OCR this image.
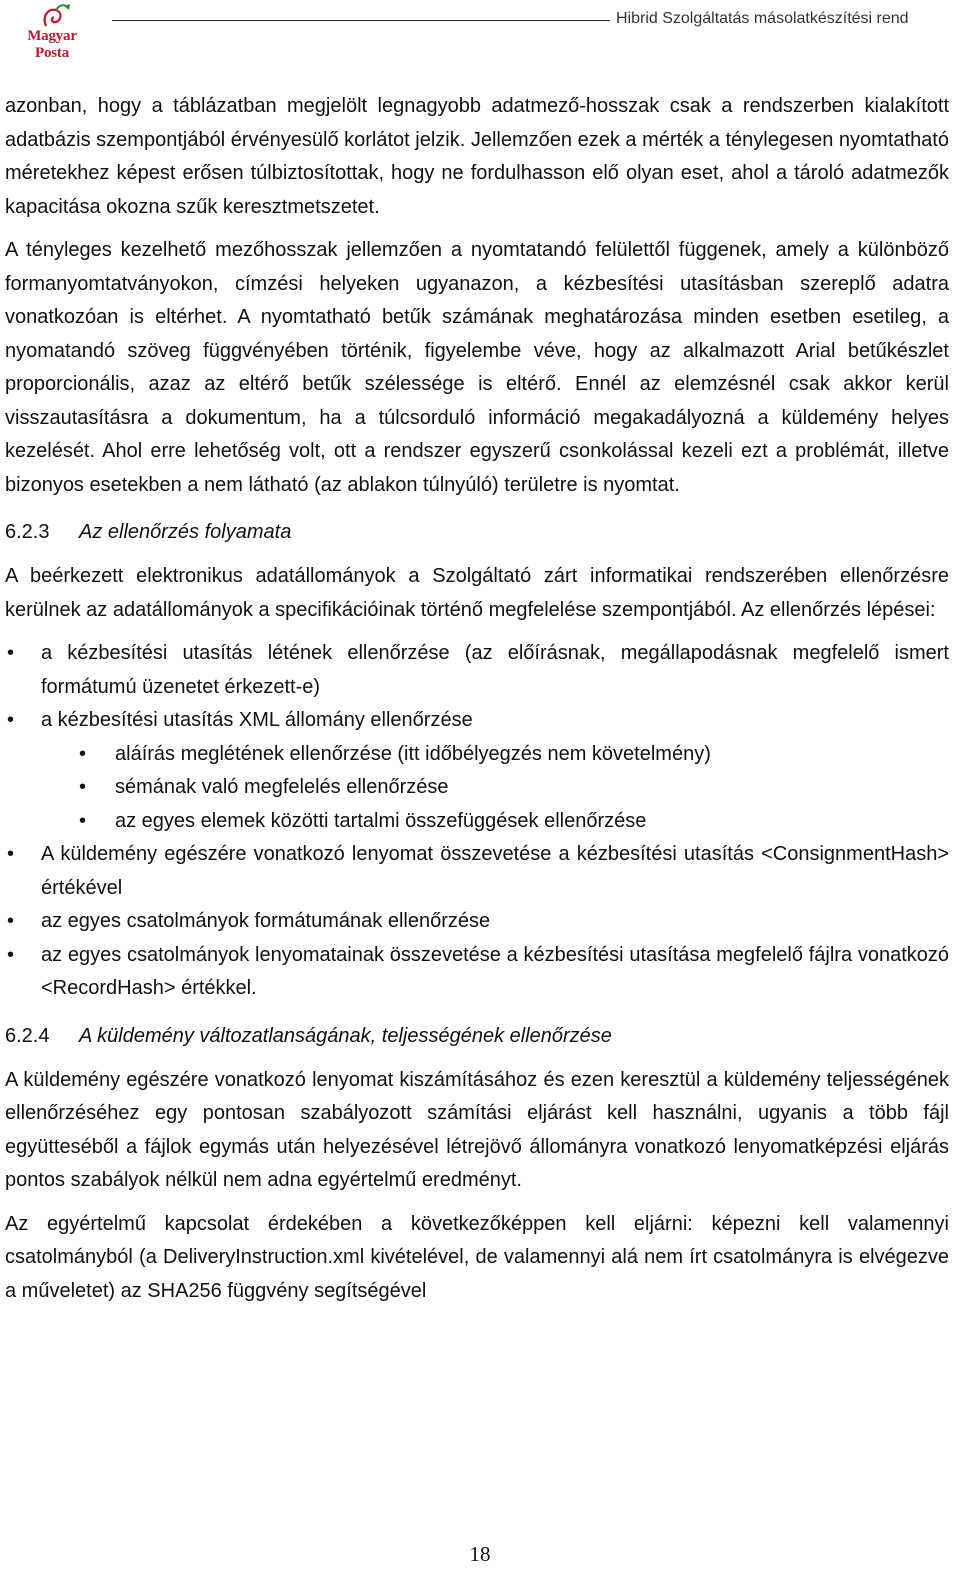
Magyar Posta
Hibrid Szolgáltatás másolatkészítési rend

azonban, hogy a táblázatban megjelölt legnagyobb adatmező-hosszak csak a rendszerben kialakított adatbázis szempontjából érvényesülő korlátot jelzik. Jellemzően ezek a mérték a ténylegesen nyomtatható méretekhez képest erősen túlbiztosítottak, hogy ne fordulhasson elő olyan eset, ahol a tároló adatmezők kapacitása okozna szűk keresztmetszetet.

A tényleges kezelhető mezőhosszak jellemzően a nyomtatandó felülettől függenek, amely a különböző formanyomtatványokon, címzési helyeken ugyanazon, a kézbesítési utasításban szereplő adatra vonatkozóan is eltérhet. A nyomtatható betűk számának meghatározása minden esetben esetileg, a nyomatandó szöveg függvényében történik, figyelembe véve, hogy az alkalmazott Arial betűkészlet proporcionális, azaz az eltérő betűk szélessége is eltérő. Ennél az elemzésnél csak akkor kerül visszautasításra a dokumentum, ha a túlcsorduló információ megakadályozná a küldemény helyes kezelését. Ahol erre lehetőség volt, ott a rendszer egyszerű csonkolással kezeli ezt a problémát, illetve bizonyos esetekben a nem látható (az ablakon túlnyúló) területre is nyomtat.

6.2.3 Az ellenőrzés folyamata

A beérkezett elektronikus adatállományok a Szolgáltató zárt informatikai rendszerében ellenőrzésre kerülnek az adatállományok a specifikációinak történő megfelelése szempontjából. Az ellenőrzés lépései:

• a kézbesítési utasítás létének ellenőrzése (az előírásnak, megállapodásnak megfelelő ismert formátumú üzenetet érkezett-e)
• a kézbesítési utasítás XML állomány ellenőrzése
• aláírás meglétének ellenőrzése (itt időbélyegzés nem követelmény)
• sémának való megfelelés ellenőrzése
• az egyes elemek közötti tartalmi összefüggések ellenőrzése
• A küldemény egészére vonatkozó lenyomat összevetése a kézbesítési utasítás <ConsignmentHash> értékével
• az egyes csatolmányok formátumának ellenőrzése
• az egyes csatolmányok lenyomatainak összevetése a kézbesítési utasítása megfelelő fájlra vonatkozó <RecordHash> értékkel.
6.2.4 A küldemény változatlanságának, teljességének ellenőrzése

A küldemény egészére vonatkozó lenyomat kiszámításához és ezen keresztül a küldemény teljességének ellenőrzéséhez egy pontosan szabályozott számítási eljárást kell használni, ugyanis a több fájl együtteséből a fájlok egymás után helyezésével létrejövő állományra vonatkozó lenyomatképzési eljárás pontos szabályok nélkül nem adna egyértelmű eredményt.

Az egyértelmű kapcsolat érdekében a következőképpen kell eljárni: képezni kell valamennyi csatolmányból (a DeliveryInstruction.xml kivételével, de valamennyi alá nem írt csatolmányra is elvégezve a műveletet) az SHA256 függvény segítségével

18
